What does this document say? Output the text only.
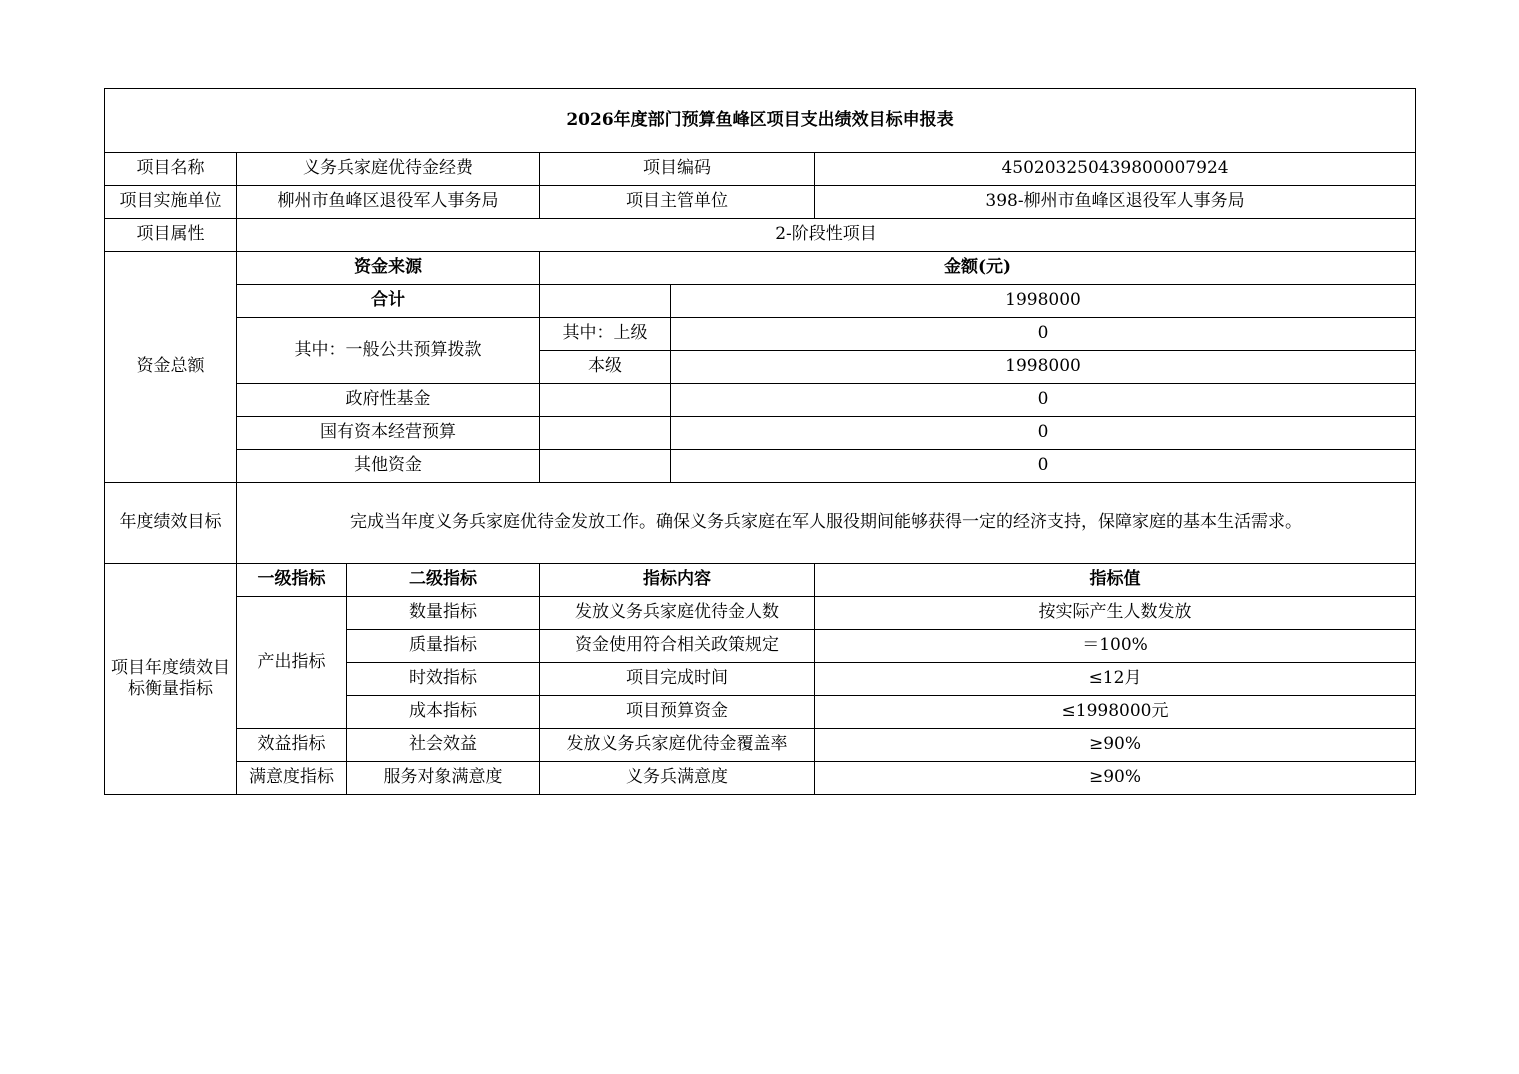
2026年度部门预算鱼峰区项目支出绩效目标申报表					
项目名称	义务兵家庭优待金经费		项目编码		45020325043980000792​4
项目实施单位	柳州市鱼峰区退役军人事务局		项目主管单位		398-柳州市鱼峰区退役军人事务局
项目属性	2-阶段性项目				
资金总额	资金来源		金额(元)		
	合计			1998000	
	其中：一般公共预算拨款		其中：上级	0	
			本级	1998000	
	政府性基金			0	
	国有资本经营预算			0	
	其他资金			0	
年度绩效目标	完成当年度义务兵家庭优待金发放工作。确保义务兵家庭在军人服役期间能够获得一定的经济支持，保障家庭的基本生活需求。				
项目年度绩效目标衡量指标	一级指标	二级指标	指标内容		指标值
	产出指标	数量指标	发放义务兵家庭优待金人数		按实际产生人数发放
		质量指标	资金使用符合相关政策规定		＝100%
		时效指标	项目完成时间		≤12月
		成本指标	项目预算资金		≤1998000元
	效益指标	社会效益	发放义务兵家庭优待金覆盖率		≥90%
	满意度指标	服务对象满意度	义务兵满意度		≥90%
